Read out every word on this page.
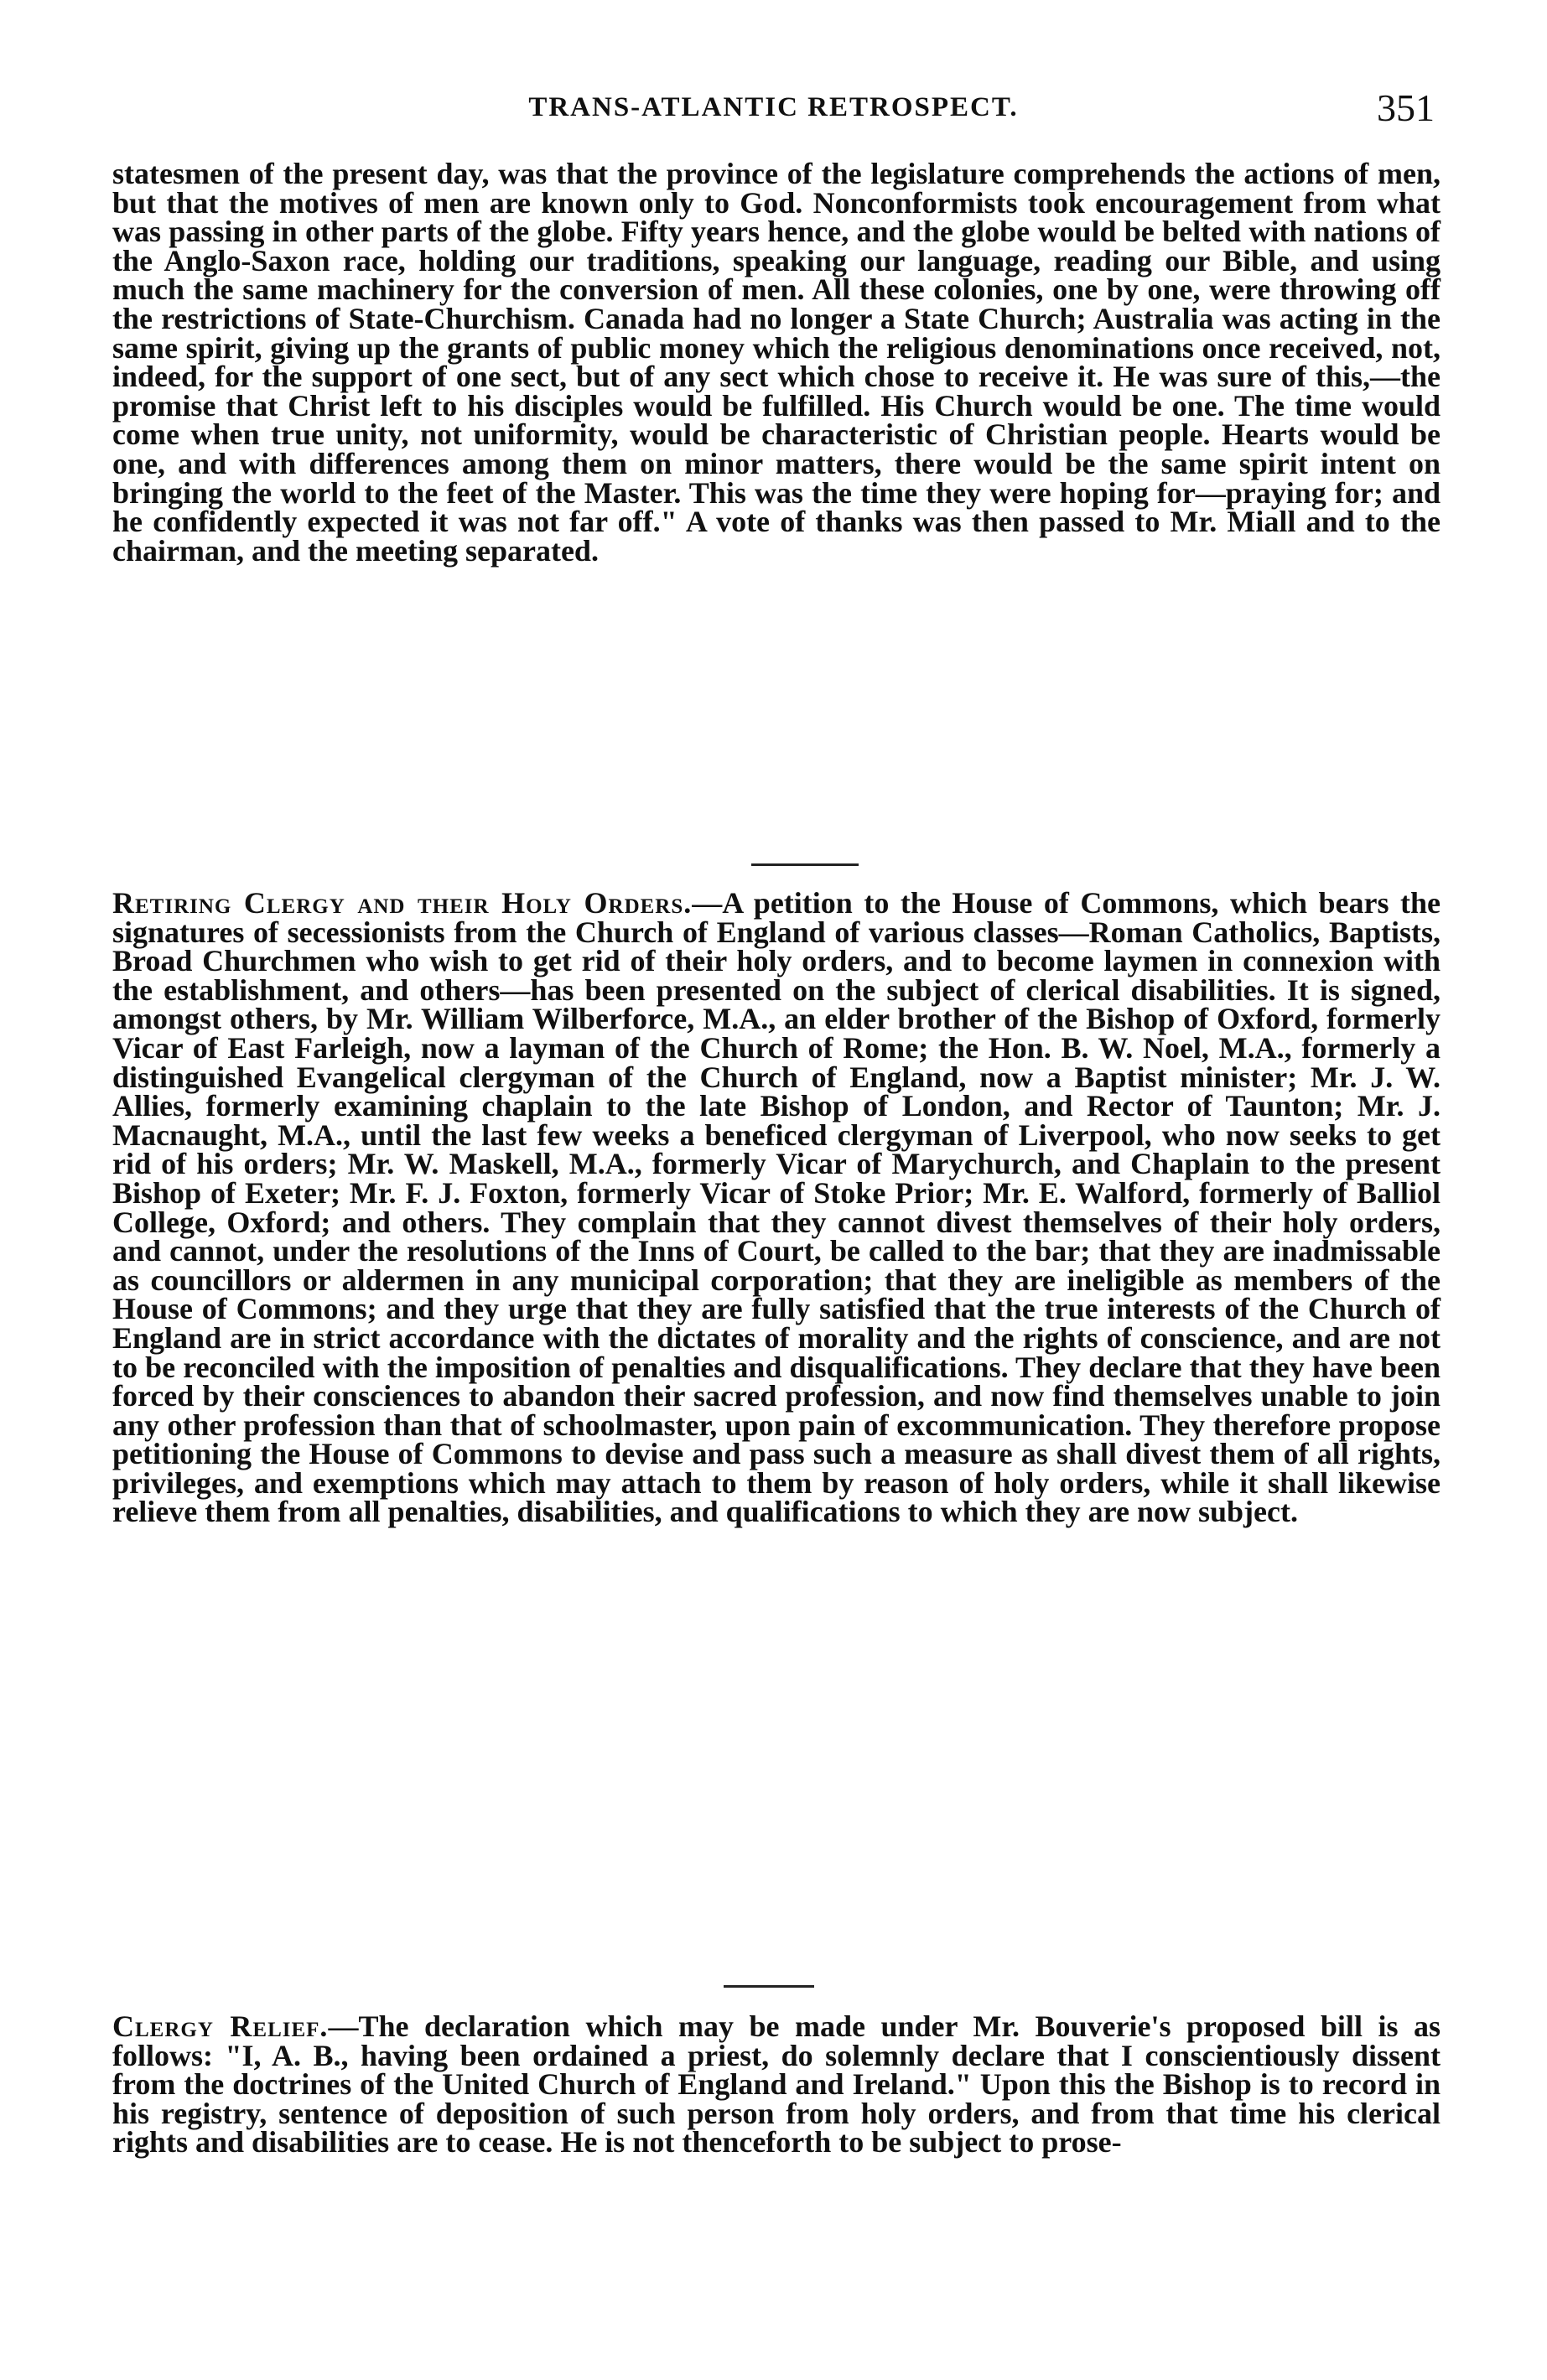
TRANS-ATLANTIC RETROSPECT.	351

statesmen of the present day, was that the province of the legislature comprehends the actions of men, but that the motives of men are known only to God. Nonconformists took encouragement from what was passing in other parts of the globe. Fifty years hence, and the globe would be belted with nations of the Anglo-Saxon race, holding our traditions, speaking our language, reading our Bible, and using much the same machinery for the conversion of men. All these colonies, one by one, were throwing off the restrictions of State-Churchism. Canada had no longer a State Church; Australia was acting in the same spirit, giving up the grants of public money which the religious denominations once received, not, indeed, for the support of one sect, but of any sect which chose to receive it. He was sure of this,—the promise that Christ left to his disciples would be fulfilled. His Church would be one. The time would come when true unity, not uniformity, would be characteristic of Christian people. Hearts would be one, and with differences among them on minor matters, there would be the same spirit intent on bringing the world to the feet of the Master. This was the time they were hoping for—praying for; and he confidently expected it was not far off." A vote of thanks was then passed to Mr. Miall and to the chairman, and the meeting separated.

Retiring Clergy and their Holy Orders.—A petition to the House of Commons, which bears the signatures of secessionists from the Church of England of various classes—Roman Catholics, Baptists, Broad Churchmen who wish to get rid of their holy orders, and to become laymen in connexion with the establishment, and others—has been presented on the subject of clerical disabilities. It is signed, amongst others, by Mr. William Wilberforce, M.A., an elder brother of the Bishop of Oxford, formerly Vicar of East Farleigh, now a layman of the Church of Rome; the Hon. B. W. Noel, M.A., formerly a distinguished Evangelical clergyman of the Church of England, now a Baptist minister; Mr. J. W. Allies, formerly examining chaplain to the late Bishop of London, and Rector of Taunton; Mr. J. Macnaught, M.A., until the last few weeks a beneficed clergyman of Liverpool, who now seeks to get rid of his orders; Mr. W. Maskell, M.A., formerly Vicar of Marychurch, and Chaplain to the present Bishop of Exeter; Mr. F. J. Foxton, formerly Vicar of Stoke Prior; Mr. E. Walford, formerly of Balliol College, Oxford; and others. They complain that they cannot divest themselves of their holy orders, and cannot, under the resolutions of the Inns of Court, be called to the bar; that they are inadmissable as councillors or aldermen in any municipal corporation; that they are ineligible as members of the House of Commons; and they urge that they are fully satisfied that the true interests of the Church of England are in strict accordance with the dictates of morality and the rights of conscience, and are not to be reconciled with the imposition of penalties and disqualifications. They declare that they have been forced by their consciences to abandon their sacred profession, and now find themselves unable to join any other profession than that of schoolmaster, upon pain of excommunication. They therefore propose petitioning the House of Commons to devise and pass such a measure as shall divest them of all rights, privileges, and exemptions which may attach to them by reason of holy orders, while it shall likewise relieve them from all penalties, disabilities, and qualifications to which they are now subject.

Clergy Relief.—The declaration which may be made under Mr. Bouverie's proposed bill is as follows: "I, A. B., having been ordained a priest, do solemnly declare that I conscientiously dissent from the doctrines of the United Church of England and Ireland." Upon this the Bishop is to record in his registry, sentence of deposition of such person from holy orders, and from that time his clerical rights and disabilities are to cease. He is not thenceforth to be subject to prose-
